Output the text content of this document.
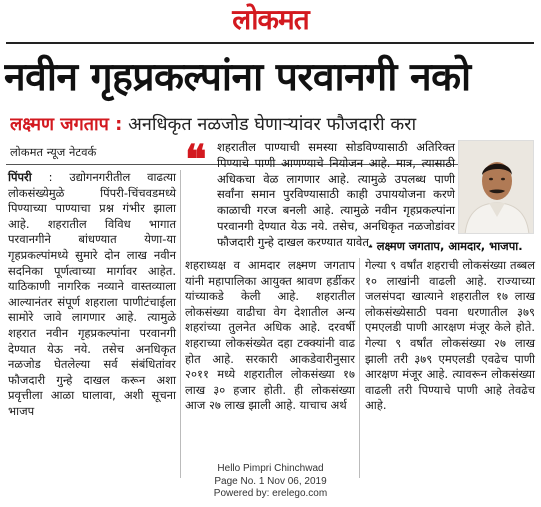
लोकमत
नवीन गृहप्रकल्पांना परवानगी नको
लक्ष्मण जगताप : अनधिकृत नळजोड घेणाऱ्यांवर फौजदारी करा
लोकमत न्यूज नेटवर्क

पिंपरी : उद्योगनगरीतील वाढत्या लोकसंख्येमुळे पिंपरी-चिंचवडमध्ये पिण्याच्या पाण्याचा प्रश्न गंभीर झाला आहे. शहरातील विविध भागात परवानगीने बांधण्यात येणा-या गृहप्रकल्पांमध्ये सुमारे दोन लाख नवीन सदनिका पूर्णत्वाच्या मार्गावर आहेत. याठिकाणी नागरिक नव्याने वास्तव्याला आल्यानंतर संपूर्ण शहराला पाणीटंचाईला सामोरे जावे लागणार आहे. त्यामुळे शहरात नवीन गृहप्रकल्पांना परवानगी देण्यात येऊ नये. तसेच अनधिकृत नळजोड घेतलेल्या सर्व संबंधितांवर फौजदारी गुन्हे दाखल करून अशा प्रवृत्तीला आळा घालावा, अशी सूचना भाजप

❝ शहरातील पाण्याची समस्या सोडविण्यासाठी अतिरिक्त पिण्याचे पाणी आणण्याचे नियोजन आहे. मात्र, त्यासाठी अधिकचा वेळ लागणार आहे. त्यामुळे उपलब्ध पाणी सर्वांना समान पुरविण्यासाठी काही उपाययोजना करणे काळाची गरज बनली आहे. त्यामुळे नवीन गृहप्रकल्पांना परवानगी देण्यात येऊ नये. तसेच, अनधिकृत नळजोडांवर फौजदारी गुन्हे दाखल करण्यात यावेत.
- लक्ष्मण जगताप, आमदार, भाजपा.

शहराध्यक्ष व आमदार लक्ष्मण जगताप यांनी महापालिका आयुक्त श्रावण हर्डीकर यांच्याकडे केली आहे. शहरातील लोकसंख्या वाढीचा वेग देशातील अन्य शहरांच्या तुलनेत अधिक आहे. दरवर्षी शहराच्या लोकसंख्येत दहा टक्क्यांनी वाढ होत आहे. सरकारी आकडेवारीनुसार २०११ मध्ये शहरातील लोकसंख्या १७ लाख ३० हजार होती. ही लोकसंख्या आज २७ लाख झाली आहे. याचाच अर्थ

गेल्या ९ वर्षांत शहराची लोकसंख्या तब्बल १० लाखांनी वाढली आहे. राज्याच्या जलसंपदा खात्याने शहरातील १७ लाख लोकसंख्येसाठी पवना धरणातील ३७९ एमएलडी पाणी आरक्षण मंजूर केले होते. गेल्या ९ वर्षांत लोकसंख्या २७ लाख झाली तरी ३७९ एमएलडी एवढेच पाणी आरक्षण मंजूर आहे. त्यावरून लोकसंख्या वाढली तरी पिण्याचे पाणी आहे तेवढेच आहे.

Hello Pimpri Chinchwad
Page No. 1 Nov 06, 2019
Powered by: erelego.com
